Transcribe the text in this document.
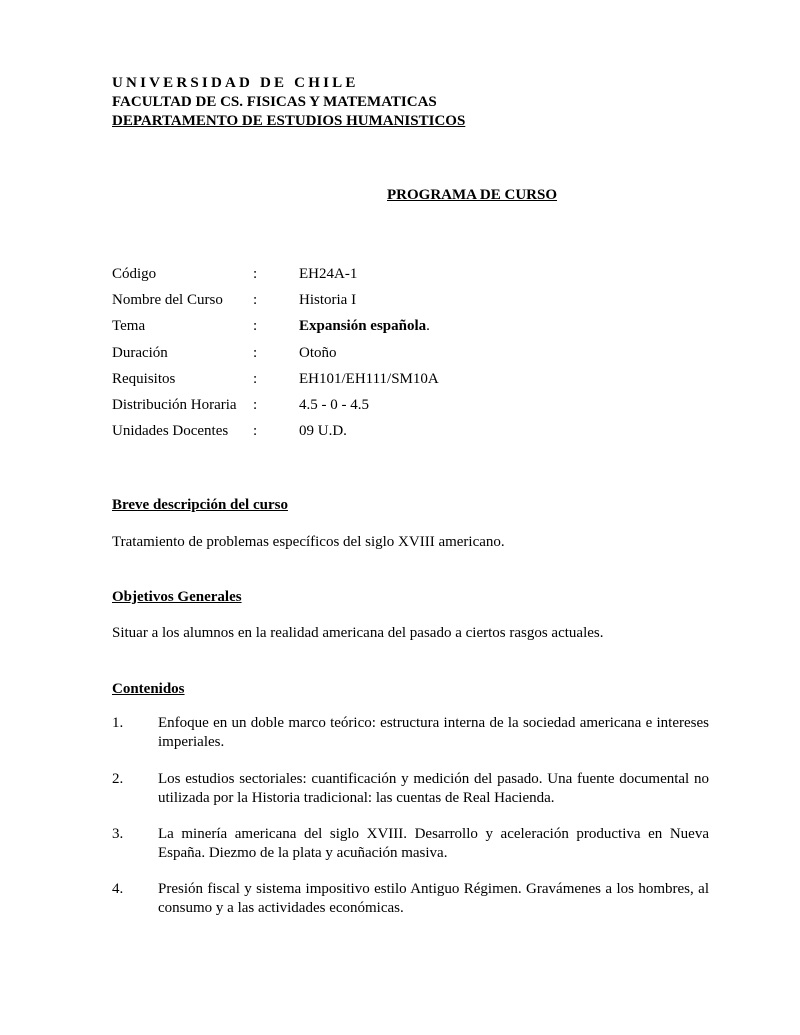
UNIVERSIDAD DE CHILE
FACULTAD DE CS. FISICAS Y MATEMATICAS
DEPARTAMENTO DE ESTUDIOS HUMANISTICOS
PROGRAMA DE CURSO
Código	:	EH24A-1
Nombre del Curso :	Historia I
Tema	:	Expansión española.
Duración	:	Otoño
Requisitos	:	EH101/EH111/SM10A
Distribución Horaria :	4.5 - 0 - 4.5
Unidades Docentes :	09 U.D.
Breve descripción del curso
Tratamiento de problemas específicos del siglo XVIII americano.
Objetivos Generales
Situar a los alumnos en la realidad americana del pasado a ciertos rasgos actuales.
Contenidos
1. Enfoque en un doble marco teórico: estructura interna de la sociedad americana e intereses imperiales.
2. Los estudios sectoriales: cuantificación y medición del pasado. Una fuente documental no utilizada por la Historia tradicional: las cuentas de Real Hacienda.
3. La minería americana del siglo XVIII. Desarrollo y aceleración productiva en Nueva España. Diezmo de la plata y acuñación masiva.
4. Presión fiscal y sistema impositivo estilo Antiguo Régimen. Gravámenes a los hombres, al consumo y a las actividades económicas.
